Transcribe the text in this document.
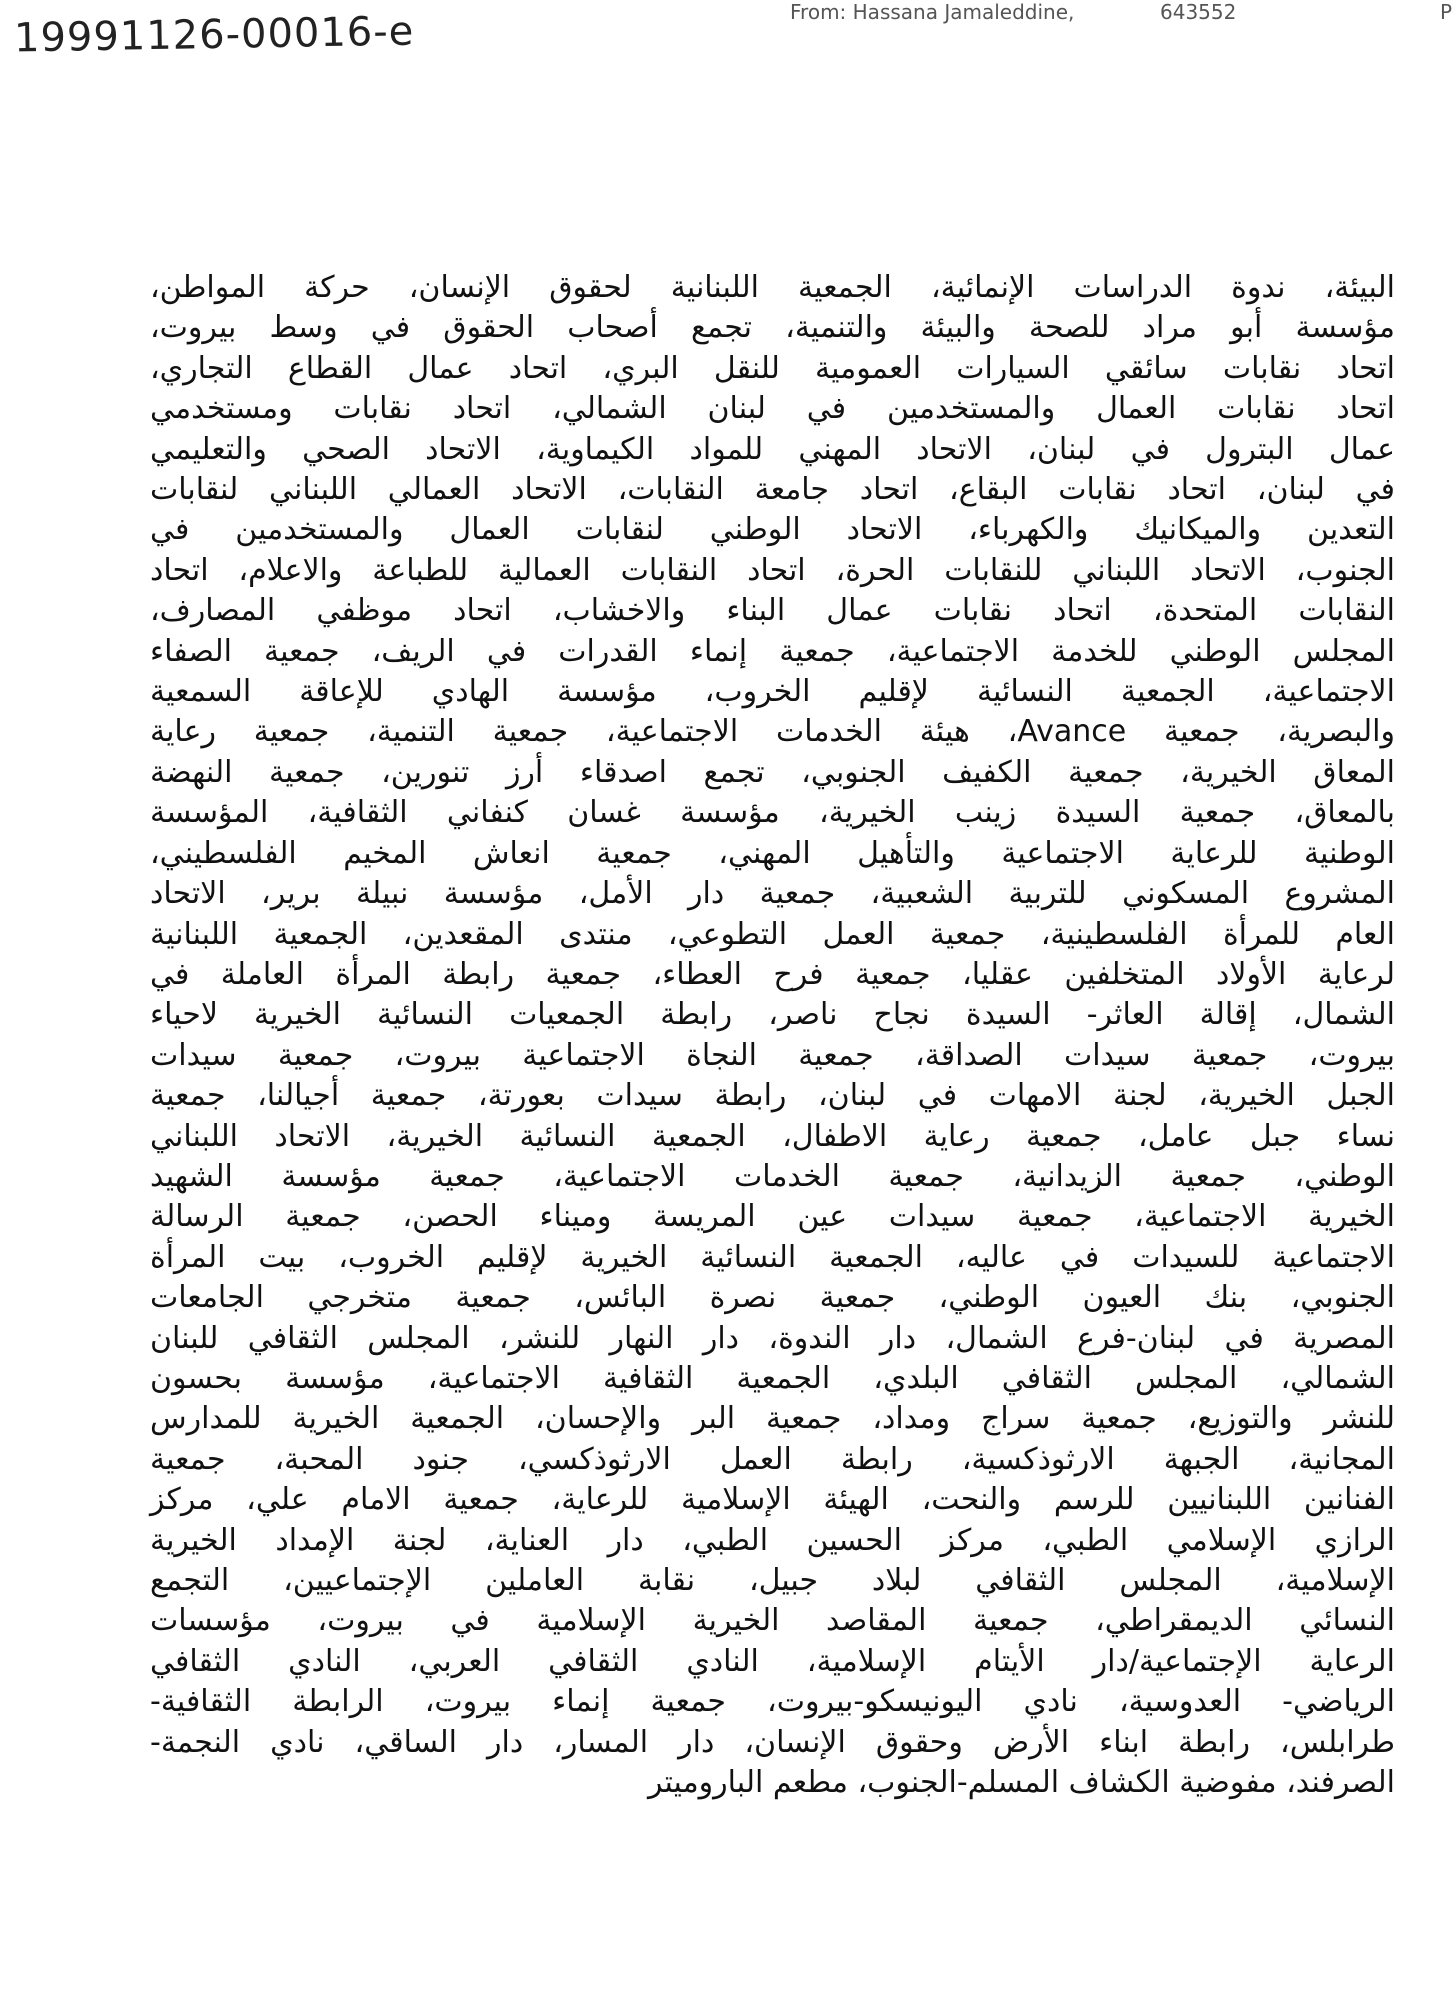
19991126-00016-e	From: Hassana Jamaleddine,	643552	P
البيئة، ندوة الدراسات الإنمائية، الجمعية اللبنانية لحقوق الإنسان، حركة المواطن،
مؤسسة أبو مراد للصحة والبيئة والتنمية، تجمع أصحاب الحقوق في وسط بيروت،
اتحاد نقابات سائقي السيارات العمومية للنقل البري، اتحاد عمال القطاع التجاري،
اتحاد نقابات العمال والمستخدمين في لبنان الشمالي، اتحاد نقابات ومستخدمي
عمال البترول في لبنان، الاتحاد المهني للمواد الكيماوية، الاتحاد الصحي والتعليمي
في لبنان، اتحاد نقابات البقاع، اتحاد جامعة النقابات، الاتحاد العمالي اللبناني لنقابات
التعدين والميكانيك والكهرباء، الاتحاد الوطني لنقابات العمال والمستخدمين في
الجنوب، الاتحاد اللبناني للنقابات الحرة، اتحاد النقابات العمالية للطباعة والاعلام، اتحاد
النقابات المتحدة، اتحاد نقابات عمال البناء والاخشاب، اتحاد موظفي المصارف،
المجلس الوطني للخدمة الاجتماعية، جمعية إنماء القدرات في الريف، جمعية الصفاء
الاجتماعية، الجمعية النسائية لإقليم الخروب، مؤسسة الهادي للإعاقة السمعية
والبصرية، جمعية Avance، هيئة الخدمات الاجتماعية، جمعية التنمية، جمعية رعاية
المعاق الخيرية، جمعية الكفيف الجنوبي، تجمع اصدقاء أرز تنورين، جمعية النهضة
بالمعاق، جمعية السيدة زينب الخيرية، مؤسسة غسان كنفاني الثقافية، المؤسسة
الوطنية للرعاية الاجتماعية والتأهيل المهني، جمعية انعاش المخيم الفلسطيني،
المشروع المسكوني للتربية الشعبية، جمعية دار الأمل، مؤسسة نبيلة برير، الاتحاد
العام للمرأة الفلسطينية، جمعية العمل التطوعي، منتدى المقعدين، الجمعية اللبنانية
لرعاية الأولاد المتخلفين عقليا، جمعية فرح العطاء، جمعية رابطة المرأة العاملة في
الشمال، إقالة العاثر- السيدة نجاح ناصر، رابطة الجمعيات النسائية الخيرية لاحياء
بيروت، جمعية سيدات الصداقة، جمعية النجاة الاجتماعية بيروت، جمعية سيدات
الجبل الخيرية، لجنة الامهات في لبنان، رابطة سيدات بعورتة، جمعية أجيالنا، جمعية
نساء جبل عامل، جمعية رعاية الاطفال، الجمعية النسائية الخيرية، الاتحاد اللبناني
الوطني، جمعية الزيدانية، جمعية الخدمات الاجتماعية، جمعية مؤسسة الشهيد
الخيرية الاجتماعية، جمعية سيدات عين المريسة وميناء الحصن، جمعية الرسالة
الاجتماعية للسيدات في عاليه، الجمعية النسائية الخيرية لإقليم الخروب، بيت المرأة
الجنوبي، بنك العيون الوطني، جمعية نصرة البائس، جمعية متخرجي الجامعات
المصرية في لبنان-فرع الشمال، دار الندوة، دار النهار للنشر، المجلس الثقافي للبنان
الشمالي، المجلس الثقافي البلدي، الجمعية الثقافية الاجتماعية، مؤسسة بحسون
للنشر والتوزيع، جمعية سراج ومداد، جمعية البر والإحسان، الجمعية الخيرية للمدارس
المجانية، الجبهة الارثوذكسية، رابطة العمل الارثوذكسي، جنود المحبة، جمعية
الفنانين اللبنانيين للرسم والنحت، الهيئة الإسلامية للرعاية، جمعية الامام علي، مركز
الرازي الإسلامي الطبي، مركز الحسين الطبي، دار العناية، لجنة الإمداد الخيرية
الإسلامية، المجلس الثقافي لبلاد جبيل، نقابة العاملين الإجتماعيين، التجمع
النسائي الديمقراطي، جمعية المقاصد الخيرية الإسلامية في بيروت، مؤسسات
الرعاية الإجتماعية/دار الأيتام الإسلامية، النادي الثقافي العربي، النادي الثقافي
الرياضي- العدوسية، نادي اليونيسكو-بيروت، جمعية إنماء بيروت، الرابطة الثقافية-
طرابلس، رابطة ابناء الأرض وحقوق الإنسان، دار المسار، دار الساقي، نادي النجمة-
الصرفند، مفوضية الكشاف المسلم-الجنوب، مطعم الباروميتر
